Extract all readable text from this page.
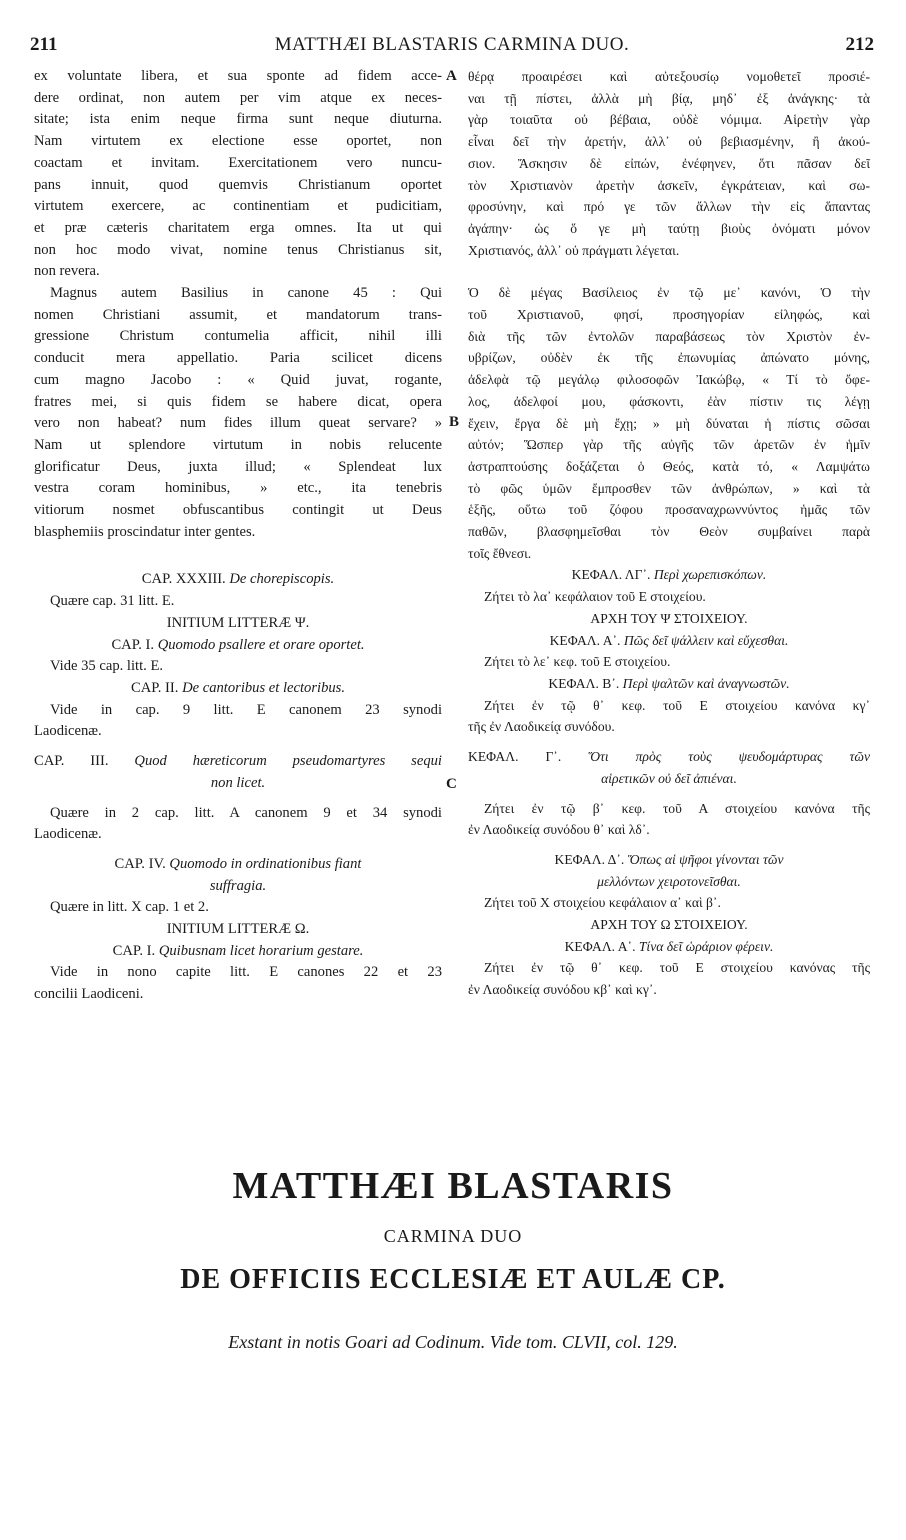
211	MATTHÆI BLASTARIS CARMINA DUO.	212
A
B
C
ex voluntate libera, et sua sponte ad fidem acce-
dere ordinat, non autem per vim atque ex neces-
sitate; ista enim neque firma sunt neque diuturna.
Nam virtutem ex electione esse oportet, non
coactam et invitam. Exercitationem vero nuncu-
pans innuit, quod quemvis Christianum oportet
virtutem exercere, ac continentiam et pudicitiam,
et præ cæteris charitatem erga omnes. Ita ut qui
non hoc modo vivat, nomine tenus Christianus sit,
non revera.
Magnus autem Basilius in canone 45 : Qui
nomen Christiani assumit, et mandatorum trans-
gressione Christum contumelia afficit, nihil illi
conducit mera appellatio. Paria scilicet dicens
cum magno Jacobo : « Quid juvat, rogante,
fratres mei, si quis fidem se habere dicat, opera
vero non habeat? num fides illum queat servare? »
Nam ut splendore virtutum in nobis relucente
glorificatur Deus, juxta illud; « Splendeat lux
vestra coram hominibus, » etc., ita tenebris
vitiorum nosmet obfuscantibus contingit ut Deus
blasphemiis proscindatur inter gentes.
CAP. XXXIII. De chorepiscopis.
Quære cap. 31 litt. E.
INITIUM LITTERÆ Ψ.
CAP. I. Quomodo psallere et orare oportet.
Vide 35 cap. litt. E.
CAP. II. De cantoribus et lectoribus.
Vide in cap. 9 litt. E canonem 23 synodi
Laodicenæ.
CAP. III. Quod hæreticorum pseudomartyres sequi
non licet.
Quære in 2 cap. litt. A canonem 9 et 34 synodi
Laodicenæ.
CAP. IV. Quomodo in ordinationibus fiant
suffragia.
Quære in litt. X cap. 1 et 2.
INITIUM LITTERÆ Ω.
CAP. I. Quibusnam licet horarium gestare.
Vide in nono capite litt. E canones 22 et 23
concilii Laodiceni.
θέρᾳ προαιρέσει καὶ αὐτεξουσίῳ νομοθετεῖ προσιέ-
ναι τῇ πίστει, ἀλλὰ μὴ βίᾳ, μηδ᾽ ἐξ ἀνάγκης· τὰ
γὰρ τοιαῦτα οὐ βέβαια, οὐδὲ νόμιμα. Αἱρετὴν γὰρ
εἶναι δεῖ τὴν ἀρετήν, ἀλλ᾽ οὐ βεβιασμένην, ἢ ἀκού-
σιον. Ἄσκησιν δὲ εἰπών, ἐνέφηνεν, ὅτι πᾶσαν δεῖ
τὸν Χριστιανὸν ἀρετὴν ἀσκεῖν, ἐγκράτειαν, καὶ σω-
φροσύνην, καὶ πρό γε τῶν ἄλλων τὴν εἰς ἅπαντας
ἀγάπην· ὡς ὅ γε μὴ ταύτῃ βιοὺς ὀνόματι μόνον
Χριστιανός, ἀλλ᾽ οὐ πράγματι λέγεται.
Ὁ δὲ μέγας Βασίλειος ἐν τῷ με᾽ κανόνι, Ὁ τὴν
τοῦ Χριστιανοῦ, φησί, προσηγορίαν εἰληφώς, καὶ
διὰ τῆς τῶν ἐντολῶν παραβάσεως τὸν Χριστὸν ἐν-
υβρίζων, οὐδὲν ἐκ τῆς ἐπωνυμίας ἀπώνατο μόνης,
ἀδελφὰ τῷ μεγάλῳ φιλοσοφῶν Ἰακώβῳ, « Τί τὸ ὄφε-
λος, ἀδελφοί μου, φάσκοντι, ἐὰν πίστιν τις λέγῃ
ἔχειν, ἔργα δὲ μὴ ἔχῃ; » μὴ δύναται ἡ πίστις σῶσαι
αὐτόν; Ὥσπερ γὰρ τῆς αὐγῆς τῶν ἀρετῶν ἐν ἡμῖν
ἀστραπτούσης δοξάζεται ὁ Θεός, κατὰ τό, « Λαμψάτω
τὸ φῶς ὑμῶν ἔμπροσθεν τῶν ἀνθρώπων, » καὶ τὰ
ἑξῆς, οὕτω τοῦ ζόφου προσαναχρωννύντος ἡμᾶς τῶν
παθῶν, βλασφημεῖσθαι τὸν Θεὸν συμβαίνει παρὰ
τοῖς ἔθνεσι.
ΚΕΦΑΛ. ΛΓ᾽. Περὶ χωρεπισκόπων.
Ζήτει τὸ λα᾽ κεφάλαιον τοῦ Ε στοιχείου.
ΑΡΧΗ ΤΟΥ Ψ ΣΤΟΙΧΕΙΟΥ.
ΚΕΦΑΛ. Α᾽. Πῶς δεῖ ψάλλειν καὶ εὔχεσθαι.
Ζήτει τὸ λε᾽ κεφ. τοῦ Ε στοιχείου.
ΚΕΦΑΛ. Β᾽. Περὶ ψαλτῶν καὶ ἀναγνωστῶν.
Ζήτει ἐν τῷ θ᾽ κεφ. τοῦ Ε στοιχείου κανόνα κγ᾽
τῆς ἐν Λαοδικείᾳ συνόδου.
ΚΕΦΑΛ. Γ᾽. Ὅτι πρὸς τοὺς ψευδομάρτυρας τῶν
αἱρετικῶν οὐ δεῖ ἀπιέναι.
Ζήτει ἐν τῷ β᾽ κεφ. τοῦ Α στοιχείου κανόνα τῆς
ἐν Λαοδικείᾳ συνόδου θ᾽ καὶ λδ᾽.
ΚΕΦΑΛ. Δ᾽. Ὅπως αἱ ψῆφοι γίνονται τῶν
μελλόντων χειροτονεῖσθαι.
Ζήτει τοῦ Χ στοιχείου κεφάλαιον α᾽ καὶ β᾽.
ΑΡΧΗ ΤΟΥ Ω ΣΤΟΙΧΕΙΟΥ.
ΚΕΦΑΛ. Α᾽. Τίνα δεῖ ὡράριον φέρειν.
Ζήτει ἐν τῷ θ᾽ κεφ. τοῦ Ε στοιχείου κανόνας τῆς
ἐν Λαοδικείᾳ συνόδου κβ᾽ καὶ κγ᾽.
MATTHÆI BLASTARIS
CARMINA DUO
DE OFFICIIS ECCLESIÆ ET AULÆ CP.
Exstant in notis Goari ad Codinum. Vide tom. CLVII, col. 129.
